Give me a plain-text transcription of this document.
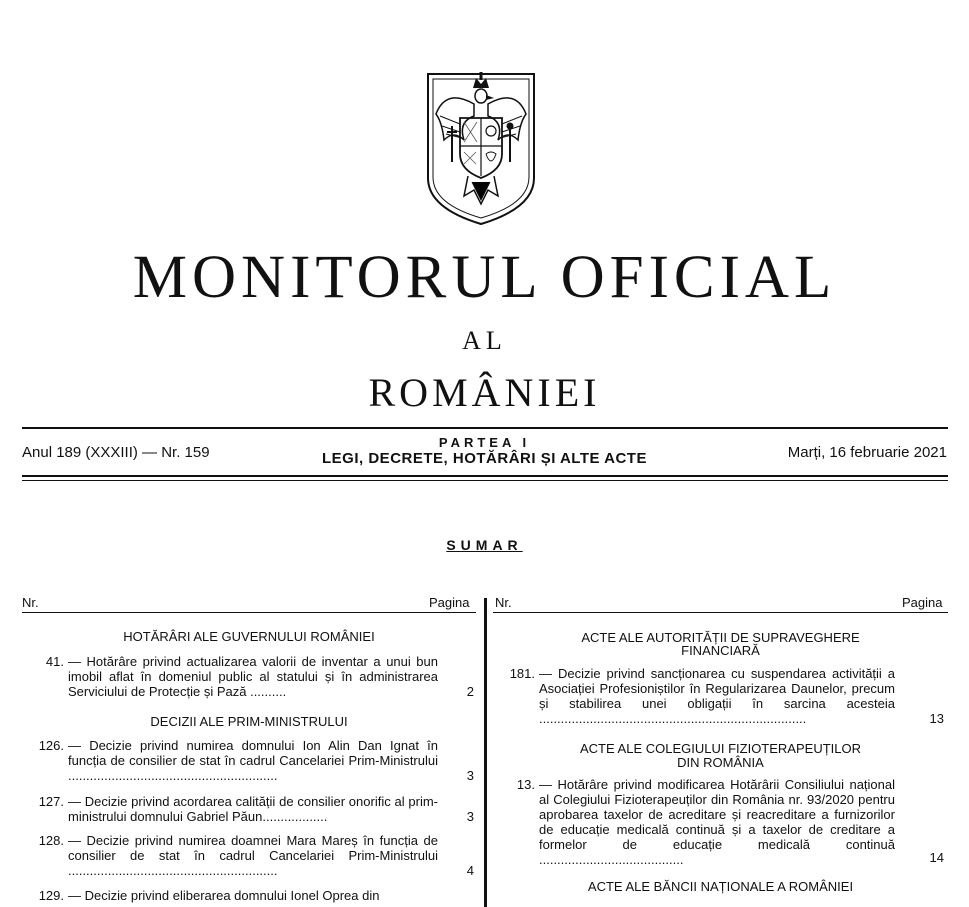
MONITORUL OFICIAL
AL
ROMÂNIEI
Anul 189 (XXXIII) — Nr. 159
PARTEA I
LEGI, DECRETE, HOTĂRÂRI ȘI ALTE ACTE	Marți, 16 februarie 2021
SUMAR
Nr.	Pagina Nr.	Pagina
HOTĂRÂRI ALE GUVERNULUI ROMÂNIEI
41. — Hotărâre privind actualizarea valorii de inventar a unui bun imobil aflat în domeniul public al statului și în administrarea Serviciului de Protecție și Pază ..........	2
DECIZII ALE PRIM-MINISTRULUI
126. — Decizie privind numirea domnului Ion Alin Dan Ignat în funcția de consilier de stat în cadrul Cancelariei Prim-Ministrului ..........................................................	3
127. — Decizie privind acordarea calității de consilier onorific al prim-ministrului domnului Gabriel Păun..................	3
128. — Decizie privind numirea doamnei Mara Mareș în funcția de consilier de stat în cadrul Cancelariei Prim-Ministrului ..........................................................	4
129. — Decizie privind eliberarea domnului Ionel Oprea din
ACTE ALE AUTORITĂȚII DE SUPRAVEGHERE
FINANCIARĂ
181. — Decizie privind sancționarea cu suspendarea activității a Asociației Profesioniștilor în Regularizarea Daunelor, precum și stabilirea unei obligații în sarcina acesteia ..........................................................................	13
ACTE ALE COLEGIULUI FIZIOTERAPEUȚILOR
DIN ROMÂNIA
13. — Hotărâre privind modificarea Hotărârii Consiliului național al Colegiului Fizioterapeuților din România nr. 93/2020 pentru aprobarea taxelor de acreditare și reacreditare a furnizorilor de educație medicală continuă și a taxelor de creditare a formelor de educație medicală continuă ........................................	14
ACTE ALE BĂNCII NAȚIONALE A ROMÂNIEI
